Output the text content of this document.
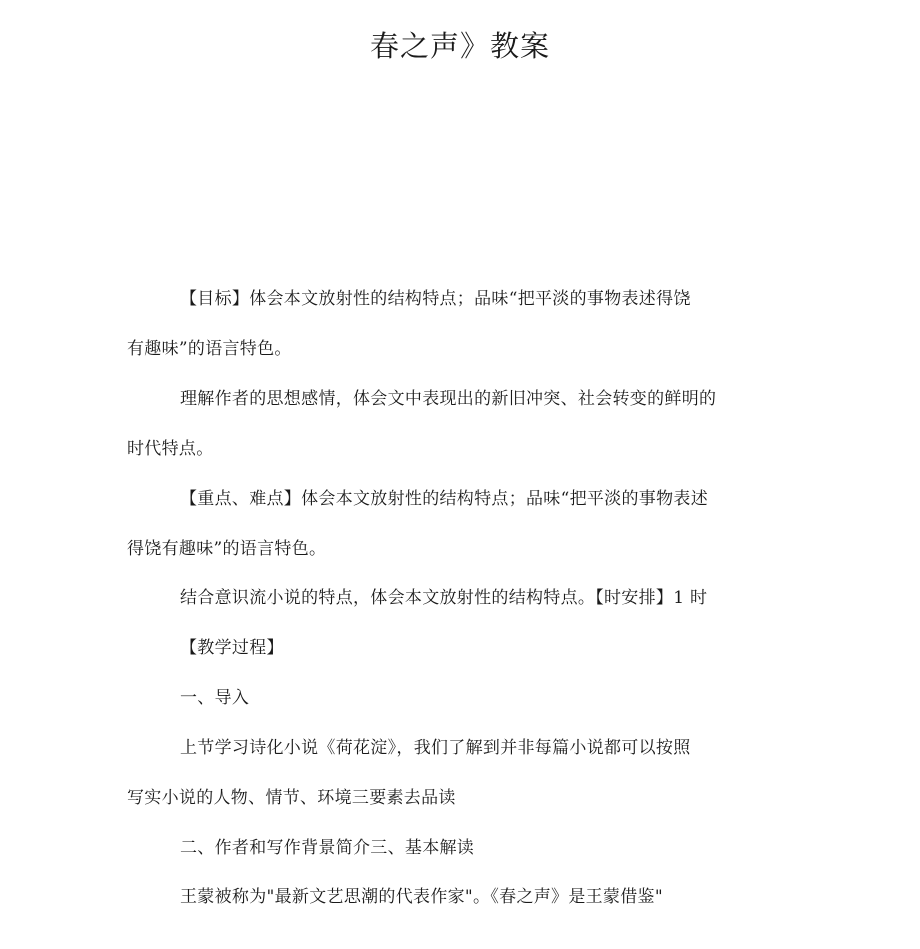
春之声》教案
【目标】体会本文放射性的结构特点；品味“把平淡的事物表述得饶
有趣味”的语言特色。
理解作者的思想感情，体会文中表现出的新旧冲突、社会转变的鲜明的
时代特点。
【重点、难点】体会本文放射性的结构特点；品味“把平淡的事物表述
得饶有趣味”的语言特色。
结合意识流小说的特点，体会本文放射性的结构特点。【时安排】1 时
【教学过程】
一、导入
上节学习诗化小说《荷花淀》，我们了解到并非每篇小说都可以按照
写实小说的人物、情节、环境三要素去品读
二、作者和写作背景简介三、基本解读
王蒙被称为"最新文艺思潮的代表作家"。《春之声》是王蒙借鉴"
